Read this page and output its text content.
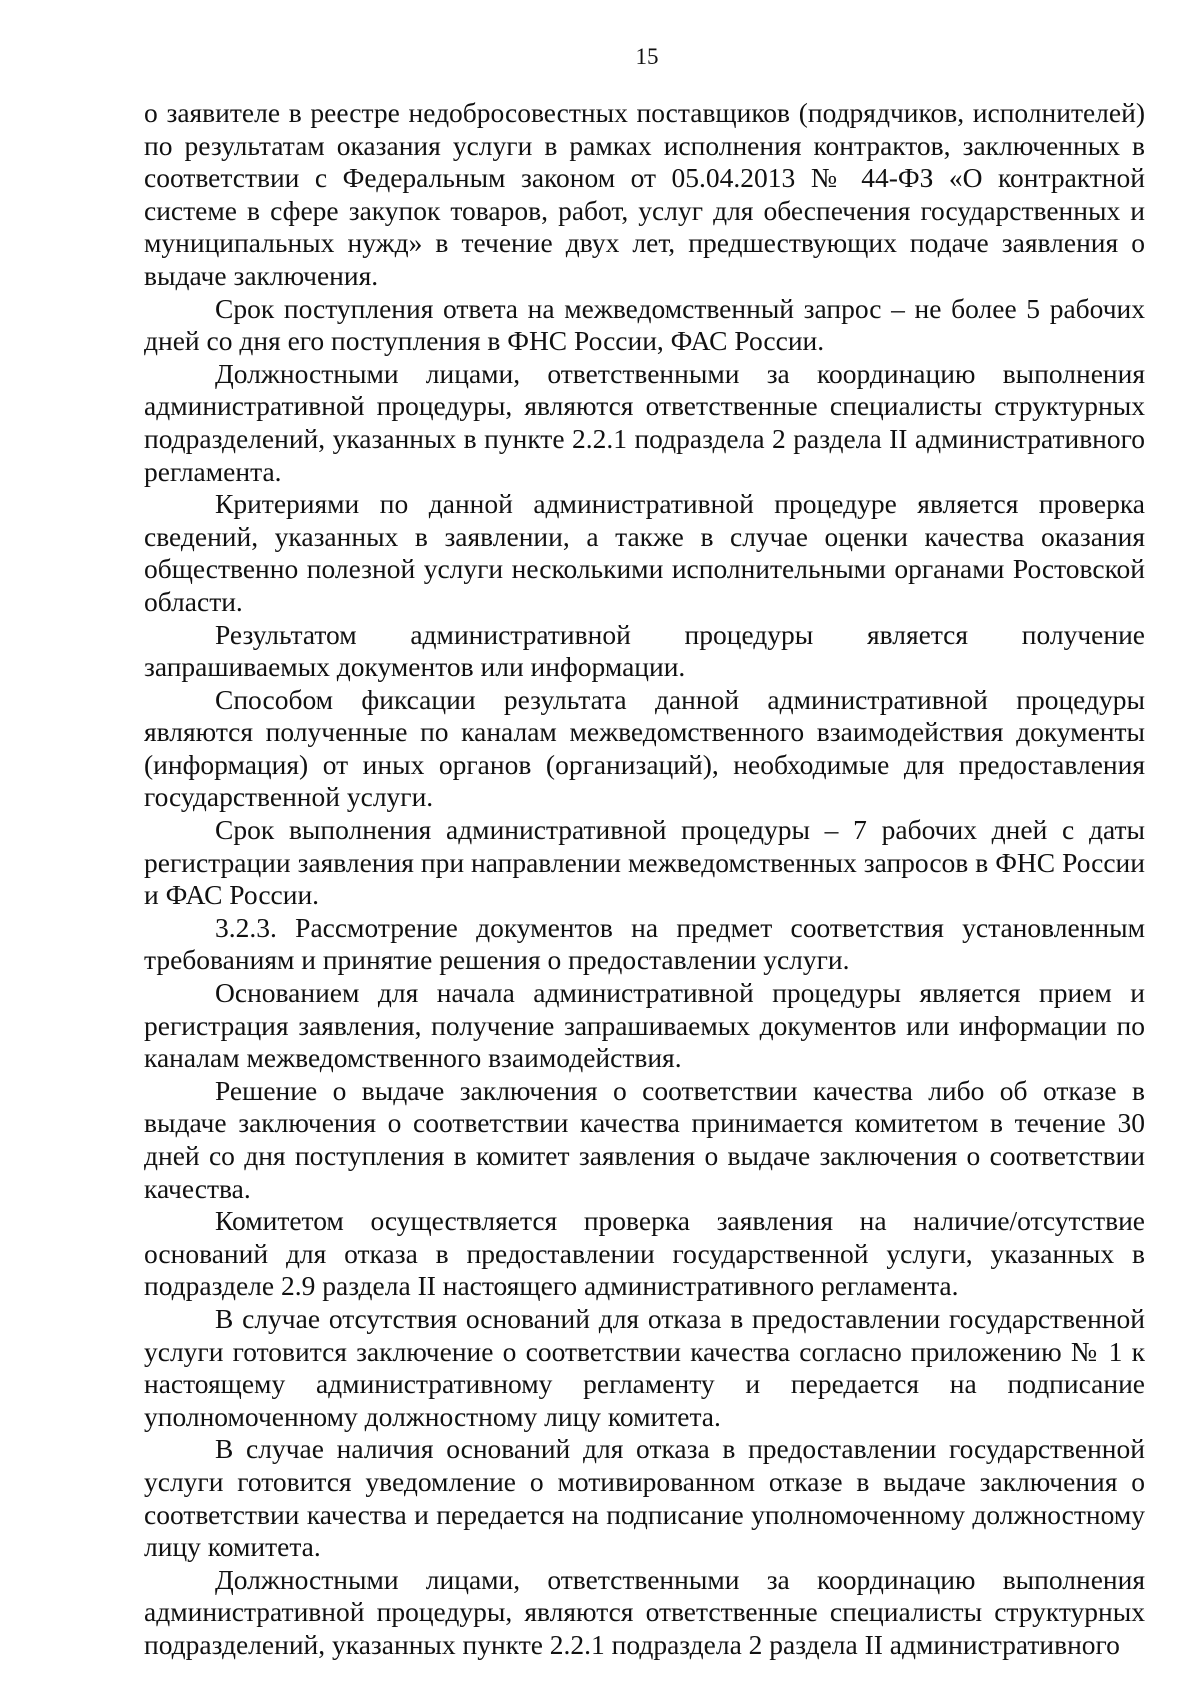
15

о заявителе в реестре недобросовестных поставщиков (подрядчиков, исполнителей) по результатам оказания услуги в рамках исполнения контрактов, заключенных в соответствии с Федеральным законом от 05.04.2013 № 44-ФЗ «О контрактной системе в сфере закупок товаров, работ, услуг для обеспечения государственных и муниципальных нужд» в течение двух лет, предшествующих подаче заявления о выдаче заключения.

Срок поступления ответа на межведомственный запрос – не более 5 рабочих дней со дня его поступления в ФНС России, ФАС России.

Должностными лицами, ответственными за координацию выполнения административной процедуры, являются ответственные специалисты структурных подразделений, указанных в пункте 2.2.1 подраздела 2 раздела II административного регламента.

Критериями по данной административной процедуре является проверка сведений, указанных в заявлении, а также в случае оценки качества оказания общественно полезной услуги несколькими исполнительными органами Ростовской области.

Результатом административной процедуры является получение запрашиваемых документов или информации.

Способом фиксации результата данной административной процедуры являются полученные по каналам межведомственного взаимодействия документы (информация) от иных органов (организаций), необходимые для предоставления государственной услуги.

Срок выполнения административной процедуры – 7 рабочих дней с даты регистрации заявления при направлении межведомственных запросов в ФНС России и ФАС России.

3.2.3. Рассмотрение документов на предмет соответствия установленным требованиям и принятие решения о предоставлении услуги.

Основанием для начала административной процедуры является прием и регистрация заявления, получение запрашиваемых документов или информации по каналам межведомственного взаимодействия.

Решение о выдаче заключения о соответствии качества либо об отказе в выдаче заключения о соответствии качества принимается комитетом в течение 30 дней со дня поступления в комитет заявления о выдаче заключения о соответствии качества.

Комитетом осуществляется проверка заявления на наличие/отсутствие оснований для отказа в предоставлении государственной услуги, указанных в подразделе 2.9 раздела II настоящего административного регламента.

В случае отсутствия оснований для отказа в предоставлении государственной услуги готовится заключение о соответствии качества согласно приложению № 1 к настоящему административному регламенту и передается на подписание уполномоченному должностному лицу комитета.

В случае наличия оснований для отказа в предоставлении государственной услуги готовится уведомление о мотивированном отказе в выдаче заключения о соответствии качества и передается на подписание уполномоченному должностному лицу комитета.

Должностными лицами, ответственными за координацию выполнения административной процедуры, являются ответственные специалисты структурных подразделений, указанных пункте 2.2.1 подраздела 2 раздела II административного
